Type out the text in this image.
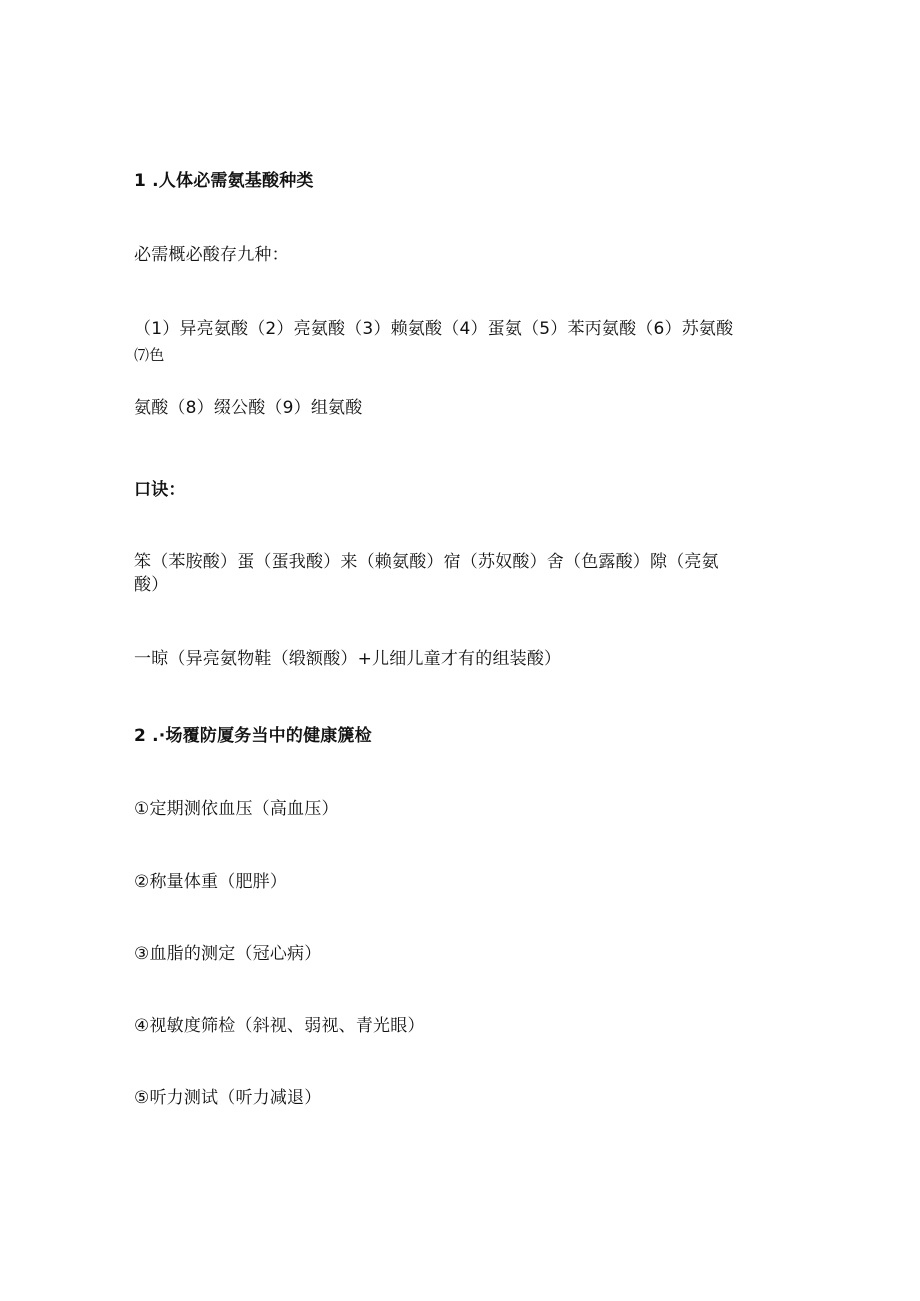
1 .人体必需氨基酸种类
必需概必酸存九种：
（1）异亮氨酸（2）亮氨酸（3）赖氨酸（4）蛋氨（5）苯丙氨酸（6）苏氨酸
⑺色
氨酸（8）缀公酸（9）组氨酸
口诀：
笨（苯胺酸）蛋（蛋我酸）来（赖氨酸）宿（苏奴酸）舍（色露酸）隙（亮氨
酸）
一晾（异亮氨物鞋（缎额酸）+儿细儿童才有的组装酸）
2 .·场覆防厦务当中的健康篪检
①定期测依血压（高血压）
②称量体重（肥胖）
③血脂的测定（冠心病）
④视敏度筛检（斜视、弱视、青光眼）
⑤听力测试（听力减退）
